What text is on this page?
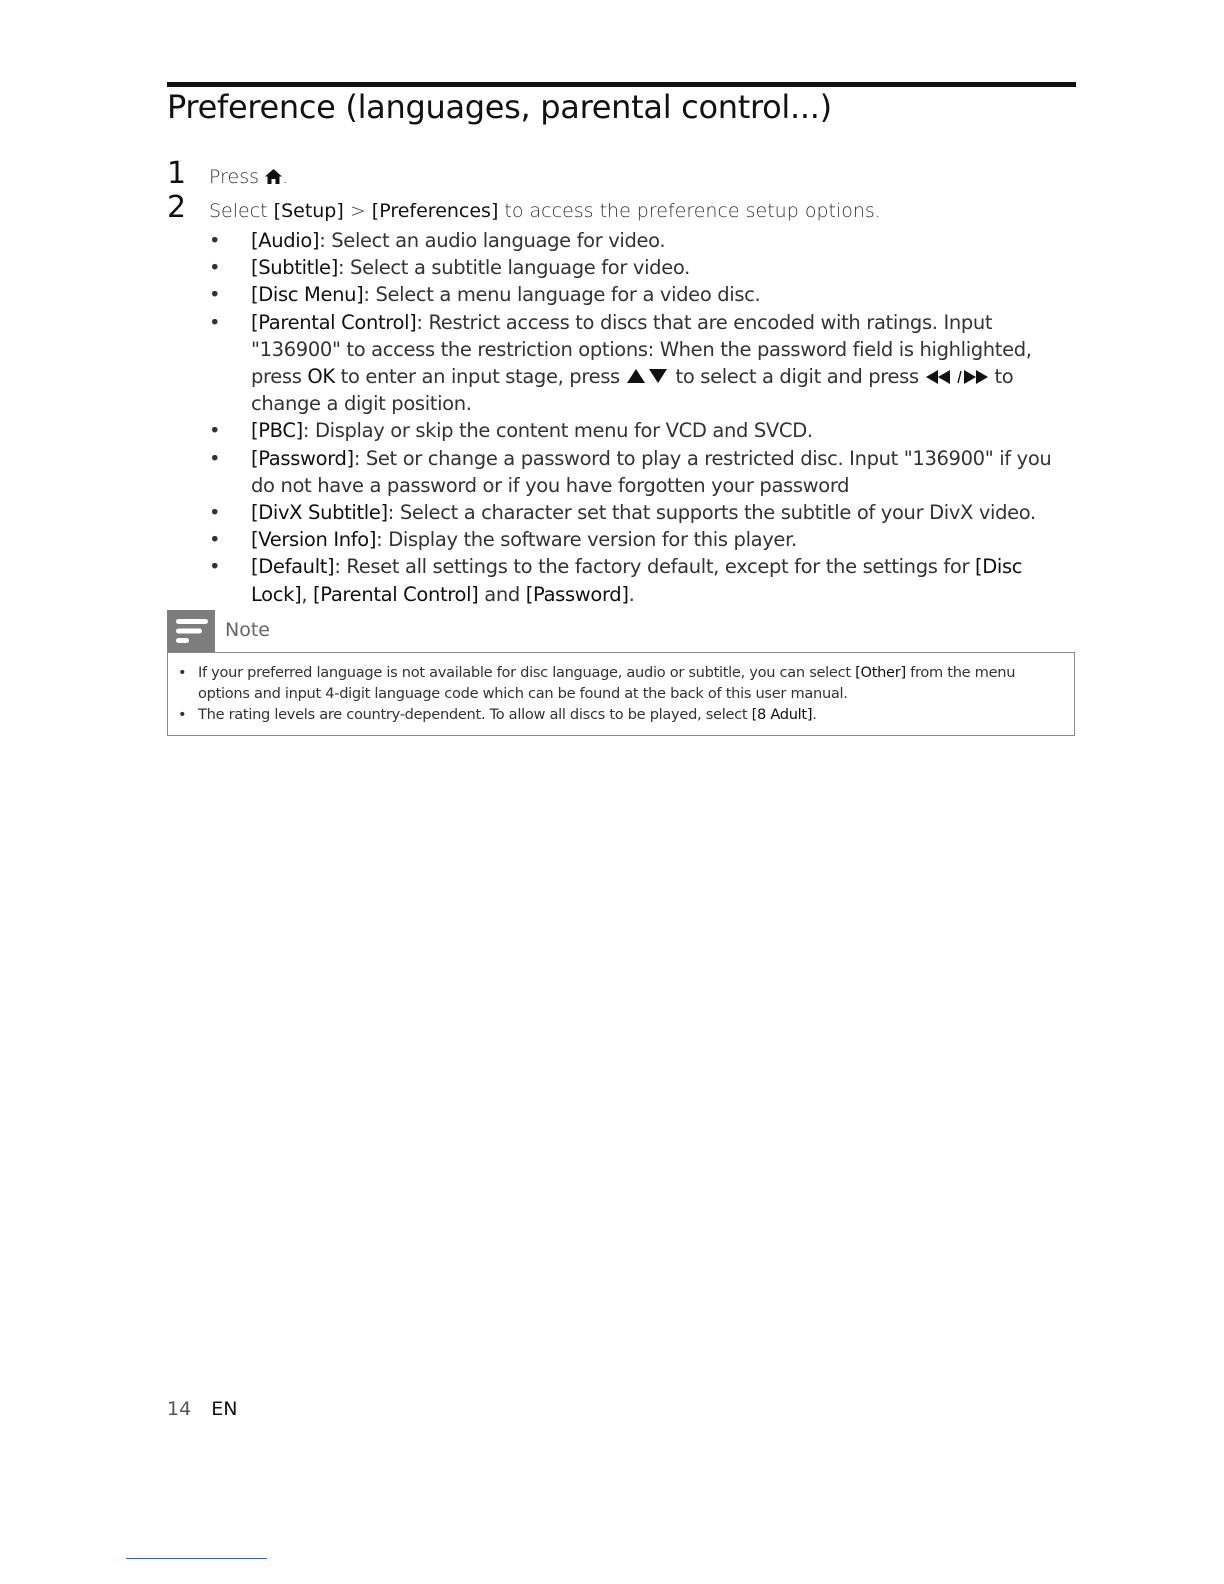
Preference (languages, parental control...)
1 Press
.
2 Select [Setup] > [Preferences] to access the preference setup options.
• [Audio]: Select an audio language for video.
• [Subtitle]: Select a subtitle language for video.
• [Disc Menu]: Select a menu language for a video disc.
• [Parental Control]: Restrict access to discs that are encoded with ratings. Input "136900" to access the restriction options: When the password field is highlighted, press OK to enter an input stage, press
to select a digit and press	to change a digit position.
• [PBC]: Display or skip the content menu for VCD and SVCD.
• [Password]: Set or change a password to play a restricted disc. Input "136900" if you do not have a password or if you have forgotten your password
• [DivX Subtitle]: Select a character set that supports the subtitle of your DivX video.
• [Version Info]: Display the software version for this player.
• [Default]: Reset all settings to the factory default, except for the settings for [Disc Lock], [Parental Control] and [Password].
Note
• If your preferred language is not available for disc language, audio or subtitle, you can select [Other] from the menu options and input 4-digit language code which can be found at the back of this user manual.
• The rating levels are country-dependent. To allow all discs to be played, select [8 Adult].
14 EN
